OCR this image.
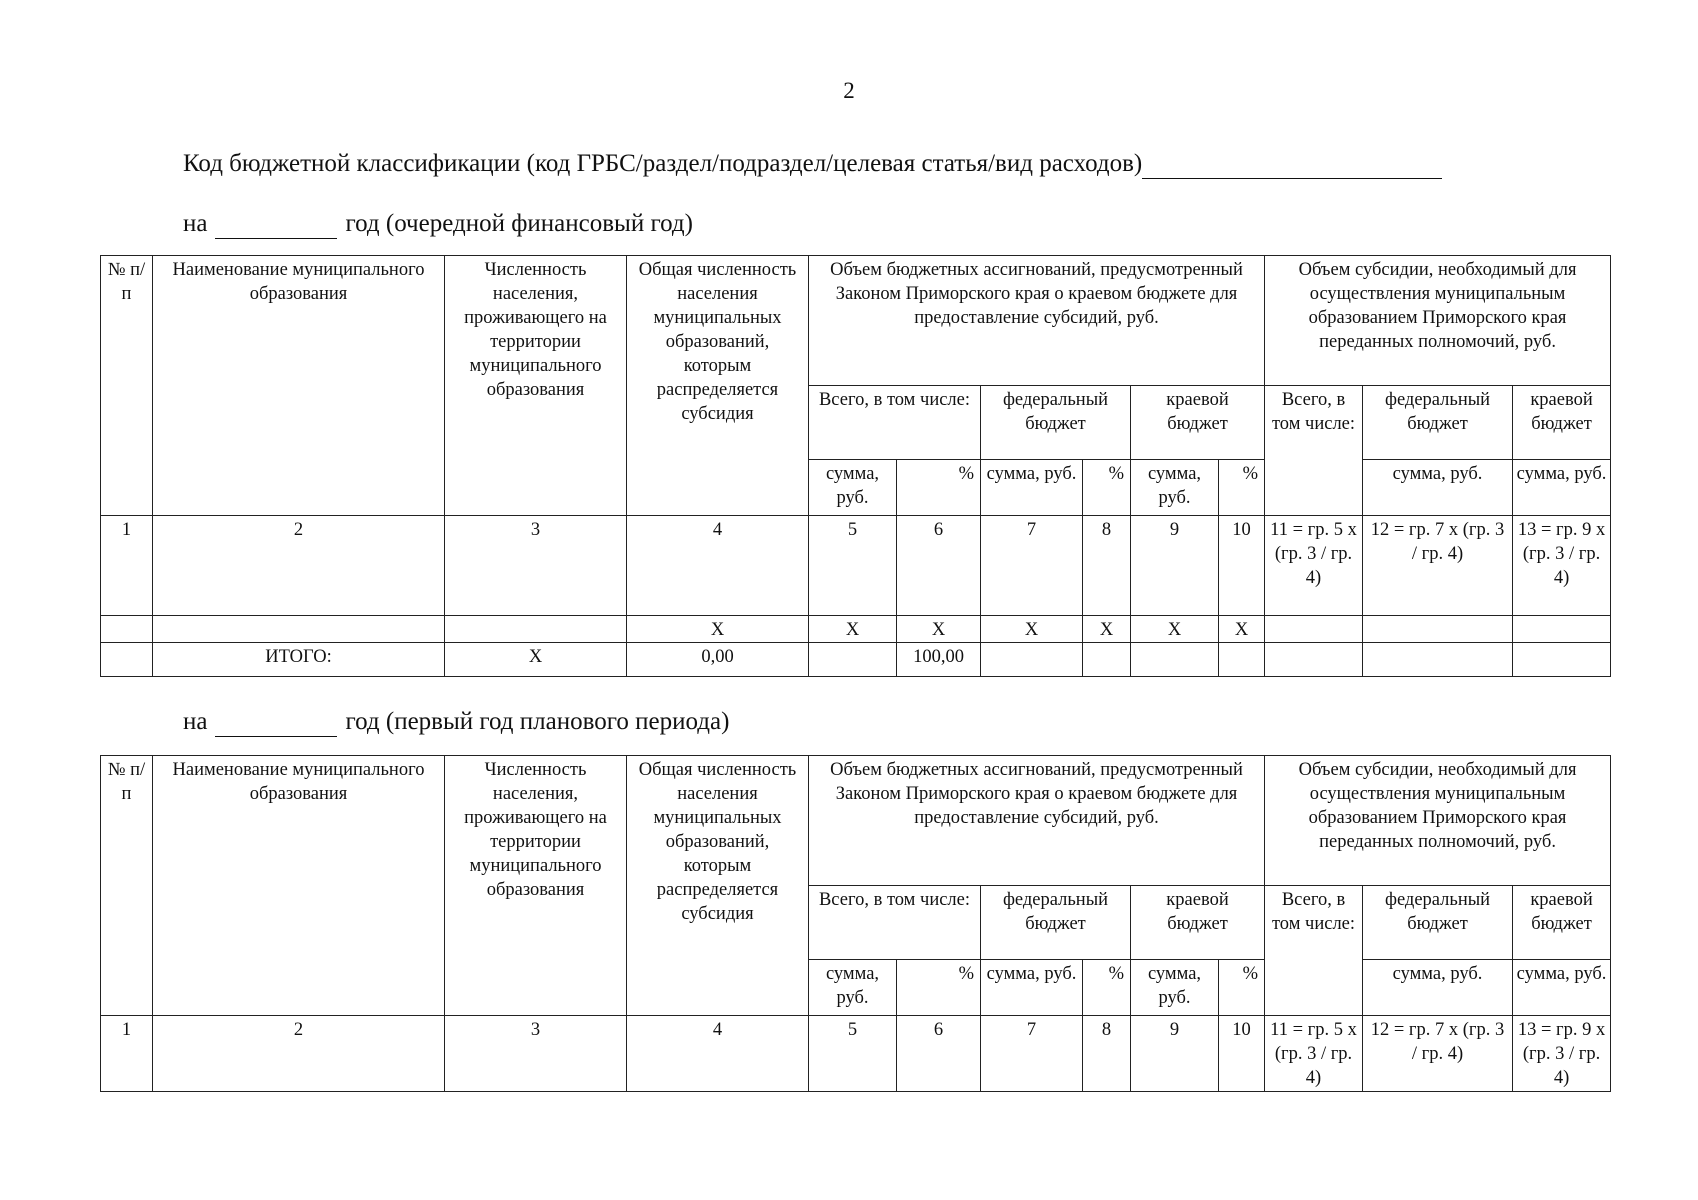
2
Код бюджетной классификации (код ГРБС/раздел/подраздел/целевая статья/вид расходов)
на	год (очередной финансовый год)
№ п/п	Наименование муниципального образования	Численность населения, проживающего на территории муниципального образования	Общая численность населения муниципальных образований, которым распределяется субсидия	Объем бюджетных ассигнований, предусмотренный Законом Приморского края о краевом бюджете для предоставление субсидий, руб.						Объем субсидии, необходимый для осуществления муниципальным образованием Приморского края переданных полномочий, руб.		
				Всего, в том числе:		федеральный бюджет		краевой бюджет		Всего, в том числе:	федеральный бюджет	краевой бюджет
				сумма, руб.	%	сумма, руб.	%	сумма, руб.	%		сумма, руб.	сумма, руб.
1	2	3	4	5	6	7	8	9	10	11 = гр. 5 х (гр. 3 / гр. 4)	12 = гр. 7 х (гр. 3 / гр. 4)	13 = гр. 9 х (гр. 3 / гр. 4)
			Х	Х	Х	Х	Х	Х	Х			
	ИТОГО:	Х	0,00		100,00							
на	год (первый год планового периода)
№ п/п	Наименование муниципального образования	Численность населения, проживающего на территории муниципального образования	Общая численность населения муниципальных образований, которым распределяется субсидия	Объем бюджетных ассигнований, предусмотренный Законом Приморского края о краевом бюджете для предоставление субсидий, руб.						Объем субсидии, необходимый для осуществления муниципальным образованием Приморского края переданных полномочий, руб.		
				Всего, в том числе:		федеральный бюджет		краевой бюджет		Всего, в том числе:	федеральный бюджет	краевой бюджет
				сумма, руб.	%	сумма, руб.	%	сумма, руб.	%		сумма, руб.	сумма, руб.
1	2	3	4	5	6	7	8	9	10	11 = гр. 5 х (гр. 3 / гр. 4)	12 = гр. 7 х (гр. 3 / гр. 4)	13 = гр. 9 х (гр. 3 / гр. 4)
